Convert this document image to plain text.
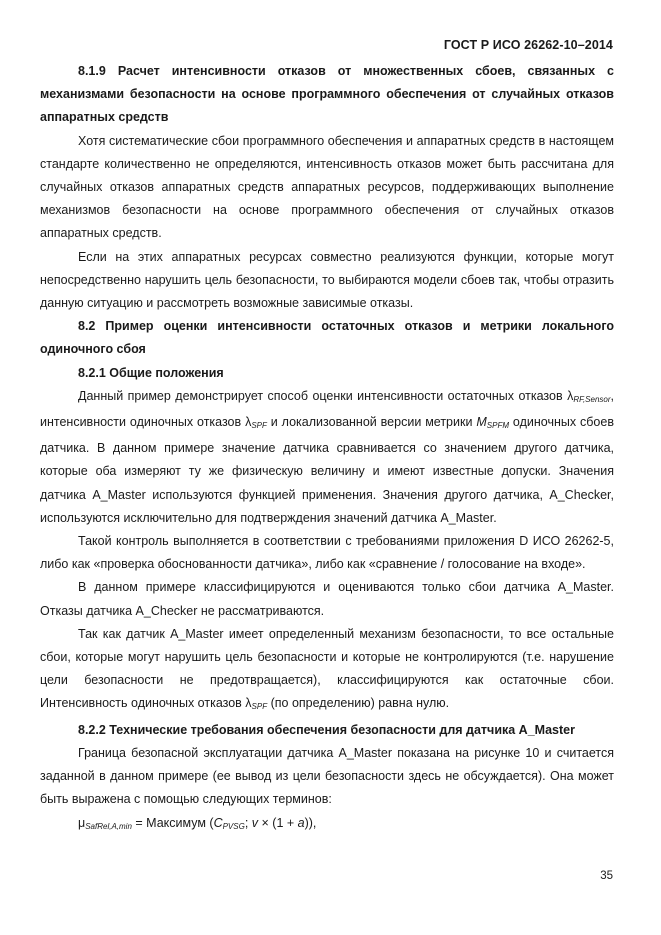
ГОСТ Р ИСО 26262-10–2014

8.1.9 Расчет интенсивности отказов от множественных сбоев, связанных с механизмами безопасности на основе программного обеспечения от случайных отказов аппаратных средств

Хотя систематические сбои программного обеспечения и аппаратных средств в настоящем стандарте количественно не определяются, интенсивность отказов может быть рассчитана для случайных отказов аппаратных средств аппаратных ресурсов, поддерживающих выполнение механизмов безопасности на основе программного обеспечения от случайных отказов аппаратных средств.

Если на этих аппаратных ресурсах совместно реализуются функции, которые могут непосредственно нарушить цель безопасности, то выбираются модели сбоев так, чтобы отразить данную ситуацию и рассмотреть возможные зависимые отказы.

8.2 Пример оценки интенсивности остаточных отказов и метрики локального одиночного сбоя

8.2.1 Общие положения

Данный пример демонстрирует способ оценки интенсивности остаточных отказов $\lambda_{RF,Sensor}$, интенсивности одиночных отказов $\lambda_{SPF}$ и локализованной версии метрики $M_{SPFM}$ одиночных сбоев датчика. В данном примере значение датчика сравнивается со значением другого датчика, которые оба измеряют ту же физическую величину и имеют известные допуски. Значения датчика A_Master используются функцией применения. Значения другого датчика, A_Checker, используются исключительно для подтверждения значений датчика A_Master.

Такой контроль выполняется в соответствии с требованиями приложения D ИСО 26262-5, либо как «проверка обоснованности датчика», либо как «сравнение / голосование на входе».

В данном примере классифицируются и оцениваются только сбои датчика A_Master. Отказы датчика A_Checker не рассматриваются.

Так как датчик A_Master имеет определенный механизм безопасности, то все остальные сбои, которые могут нарушить цель безопасности и которые не контролируются (т.е. нарушение цели безопасности не предотвращается), классифицируются как остаточные сбои. Интенсивность одиночных отказов $\lambda_{SPF}$ (по определению) равна нулю.

8.2.2 Технические требования обеспечения безопасности для датчика A_Master

Граница безопасной эксплуатации датчика A_Master показана на рисунке 10 и считается заданной в данном примере (ее вывод из цели безопасности здесь не обсуждается). Она может быть выражена с помощью следующих терминов:

$\mu_{SafRel,A,min}$ = Максимум ($C_{PVSG}$; v × (1 + a)),

35
